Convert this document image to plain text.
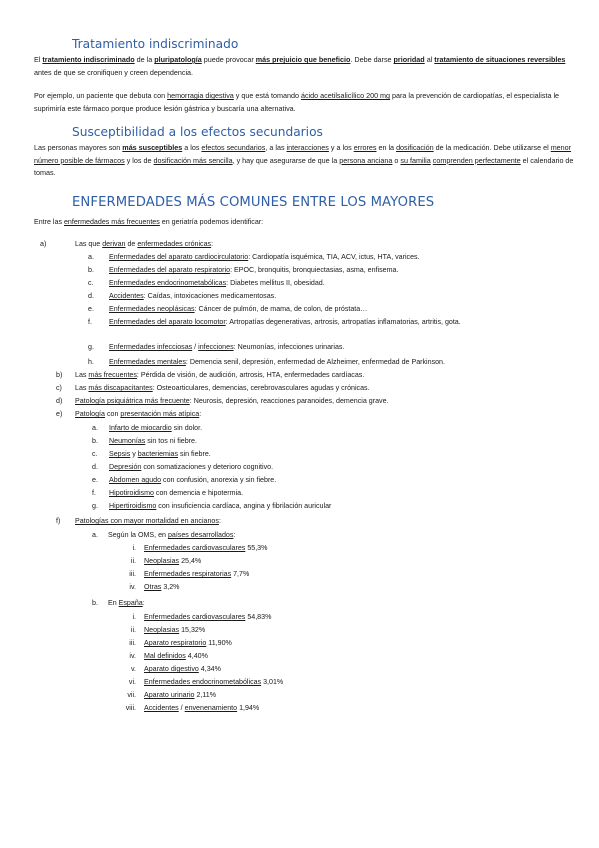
Tratamiento indiscriminado
El tratamiento indiscriminado de la pluripatología puede provocar más prejuicio que beneficio. Debe darse prioridad al tratamiento de situaciones reversibles antes de que se cronifiquen y creen dependencia.
Por ejemplo, un paciente que debuta con hemorragia digestiva y que está tomando ácido acetilsalicílico 200 mg para la prevención de cardiopatías, el especialista le suprimiría este fármaco porque produce lesión gástrica y buscaría una alternativa.
Susceptibilidad a los efectos secundarios
Las personas mayores son más susceptibles a los efectos secundarios, a las interacciones y a los errores en la dosificación de la medicación. Debe utilizarse el menor número posible de fármacos y los de dosificación más sencilla, y hay que asegurarse de que la persona anciana o su familia comprenden perfectamente el calendario de tomas.
ENFERMEDADES MÁS COMUNES ENTRE LOS MAYORES
Entre las enfermedades más frecuentes en geriatría podemos identificar:
a)	Las que derivan de enfermedades crónicas:
a.	Enfermedades del aparato cardiocirculatorio: Cardiopatía isquémica, TIA, ACV, ictus, HTA, varices.
b.	Enfermedades del aparato respiratorio: EPOC, bronquitis, bronquiectasias, asma, enfisema.
c.	Enfermedades endocrinometabólicas: Diabetes mellitus II, obesidad.
d.	Accidentes: Caídas, intoxicaciones medicamentosas.
e.	Enfermedades neoplásicas: Cáncer de pulmón, de mama, de colon, de próstata…
f.	Enfermedades del aparato locomotor: Artropatías degenerativas, artrosis, artropatías inflamatorias, artritis, gota.
g.	Enfermedades infecciosas / infecciones: Neumonías, infecciones urinarias.
h.	Enfermedades mentales: Demencia senil, depresión, enfermedad de Alzheimer, enfermedad de Parkinson.
b)	Las más frecuentes: Pérdida de visión, de audición, artrosis, HTA, enfermedades cardíacas.
c)	Las más discapacitantes: Osteoarticulares, demencias, cerebrovasculares agudas y crónicas.
d)	Patología psiquiátrica más frecuente: Neurosis, depresión, reacciones paranoides, demencia grave.
e)	Patología con presentación más atípica:
a.	Infarto de miocardio sin dolor.
b.	Neumonías sin tos ni fiebre.
c.	Sepsis y bacteriemias sin fiebre.
d.	Depresión con somatizaciones y deterioro cognitivo.
e.	Abdomen agudo con confusión, anorexia y sin fiebre.
f.	Hipotiroidismo con demencia e hipotermia.
g.	Hipertiroidismo con insuficiencia cardíaca, angina y fibrilación auricular
f)	Patologías con mayor mortalidad en ancianos:
a.	Según la OMS, en países desarrollados:
i. Enfermedades cardiovasculares 55,3%
ii. Neoplasias 25,4%
iii. Enfermedades respiratorias 7,7%
iv. Otras 3,2%
b.	En España:
i. Enfermedades cardiovasculares 54,83%
ii. Neoplasias 15,32%
iii. Aparato respiratorio 11,90%
iv. Mal definidos 4,40%
v. Aparato digestivo 4,34%
vi. Enfermedades endocrinometabólicas 3,01%
vii. Aparato urinario 2,11%
viii. Accidentes / envenenamiento 1,94%
